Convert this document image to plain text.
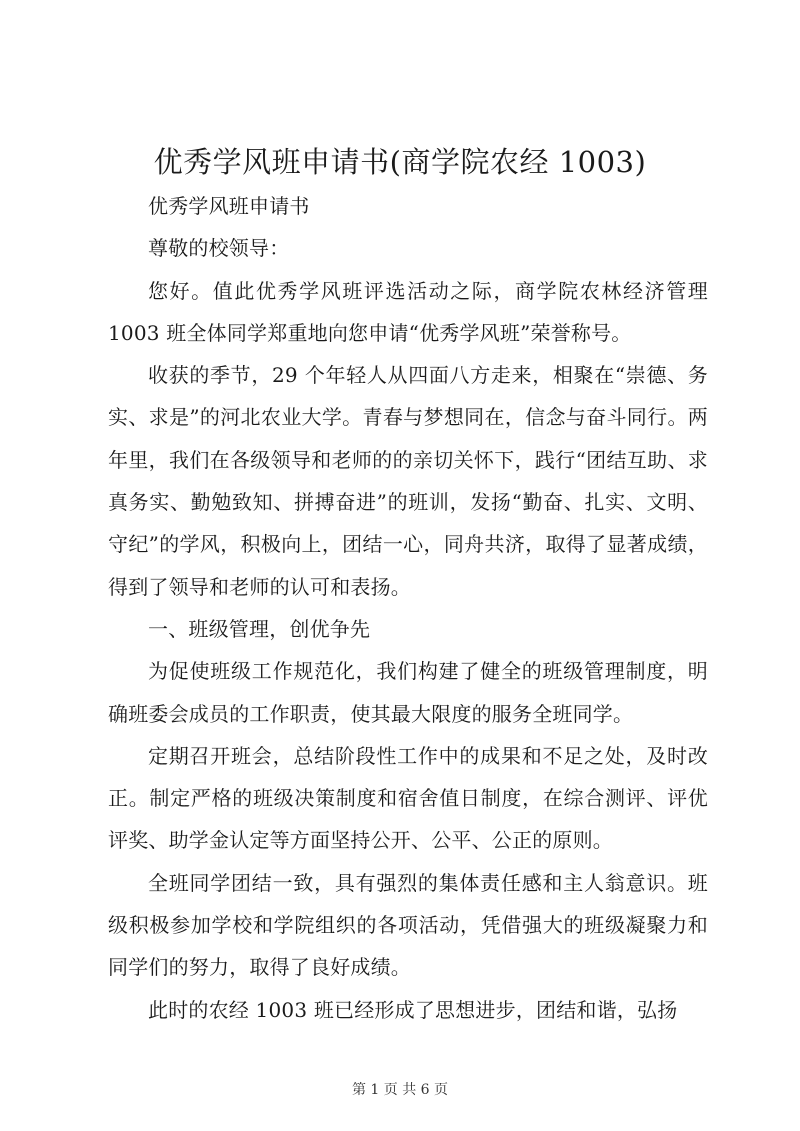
优秀学风班申请书(商学院农经 1003)

优秀学风班申请书

尊敬的校领导：

您好。值此优秀学风班评选活动之际，商学院农林经济管理 1003 班全体同学郑重地向您申请“优秀学风班”荣誉称号。

收获的季节，29 个年轻人从四面八方走来，相聚在“崇德、务实、求是”的河北农业大学。青春与梦想同在，信念与奋斗同行。两年里，我们在各级领导和老师的的亲切关怀下，践行“团结互助、求真务实、勤勉致知、拼搏奋进”的班训，发扬“勤奋、扎实、文明、守纪”的学风，积极向上，团结一心，同舟共济，取得了显著成绩，得到了领导和老师的认可和表扬。

一、班级管理，创优争先

为促使班级工作规范化，我们构建了健全的班级管理制度，明确班委会成员的工作职责，使其最大限度的服务全班同学。

定期召开班会，总结阶段性工作中的成果和不足之处，及时改正。制定严格的班级决策制度和宿舍值日制度，在综合测评、评优评奖、助学金认定等方面坚持公开、公平、公正的原则。

全班同学团结一致，具有强烈的集体责任感和主人翁意识。班级积极参加学校和学院组织的各项活动，凭借强大的班级凝聚力和同学们的努力，取得了良好成绩。

此时的农经 1003 班已经形成了思想进步，团结和谐，弘扬

第 1 页 共 6 页
